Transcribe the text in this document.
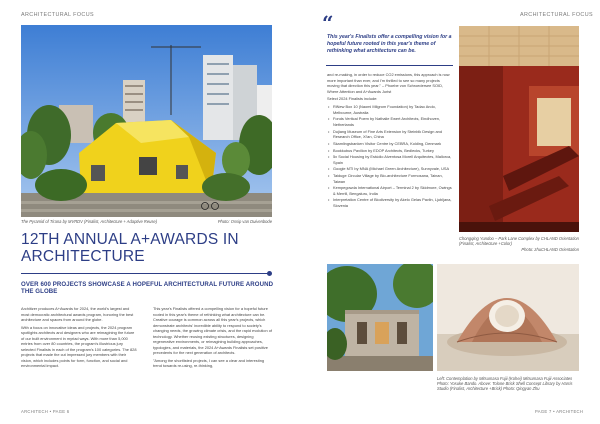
ARCHITECTURAL FOCUS
The Pyramid of Tirana by MVRDV (Finalist, Architecture + Adaptive Reuse)	Photo: Ossip van Duivenbode
12TH ANNUAL A+AWARDS IN ARCHITECTURE
OVER 600 PROJECTS SHOWCASE A HOPEFUL ARCHITECTURAL FUTURE AROUND THE GLOBE

Architizer produces A+Awards for 2024, the world's largest and most democratic architectural awards program, honoring the best architecture and spaces from around the globe.

With a focus on innovative ideas and projects, the 2024 program spotlights architects and designers who are reimagining the future of our built environment in myriad ways. With more than 5,000 entries from over 80 countries, the program's illustrious jury selected Finalists in each of the program's 100 categories. The 828 projects that made the cut impressed jury members with their vision, which includes points for form, function, and social and environmental impact.

This year's Finalists offered a compelling vision for a hopeful future rooted in this year's theme of rethinking what architecture can be. Creative courage is common across all this year's projects, which demonstrate architects' incredible ability to respond to society's changing needs, the growing climate crisis, and the rapid evolution of technology. Whether reusing existing structures, designing regenerative environments, or reimagining building approaches, typologies, and materials, the 2024 A+Awards Finalists set positive precedents for the next generation of architects.

"Among the shortlisted projects, I can see a clear and interesting trend towards re-using, re-thinking,

ARCHITECH • PAGE 6
ARCHITECTURAL FOCUS
“
This year's Finalists offer a compelling vision for a hopeful future rooted in this year's theme of rethinking what architecture can be.

and re-making, in order to reduce CO2 emissions, this approach is now more important than ever, and I'm thrilled to see so many projects moving that direction this year." – Phoebe von Schroedersee SOID, Where Attention and A+Awards Jurist

Select 2024 Finalists include:

• RiNew Box 10 (Naomi Milgrom Foundation) by Tadao Ando, Melbourne, Australia
• Fonds Vertical Poem by Nathalie Ewert Architects, Eindhoven, Netherlands
• Dujiang Museum of Fine Arts Extension by Steinblk Design and Research Office, Xi'an, China
• Skamlingsbanken Visitor Centre by CEBRA, Kolding, Denmark
• Bookkubus Pavilion by EDOP Architects, Bedlecks, Turkey
• 5x Social Housing by Estúdio Alventosa Morell Arquitectes, Mallorca, Spain
• Google MTI by MNA (Michael Green Architecture), Sunnyvale, USA
• Taiduge Circular Village by Bio-architecture Formosana, Tainan, Taiwan
• Kempegowda International Airport – Terminal 2 by Skidmore, Owings & Merrill, Bengaluru, India
• Interpretation Centre of Biodiversity by Akelo Gelas Pavlin, Ljubljana, Slovenia
Chongqing Yundoo – Park Lane Complex by CHLAND Orientation (Finalist, Architecture +Color)
Photo: zhuCHLAND Orientation
Left: Contemplation by Mitsumasa Fujii (Kohei) Mitsumasa Fujii Associates Photo: Yosuke Bando. Above: Tolone Brick Shell Concept Library by Harris Studio (Finalist, Architecture +Brick) Photo: Qingyan Zhu
PAGE 7 • ARCHITECH
